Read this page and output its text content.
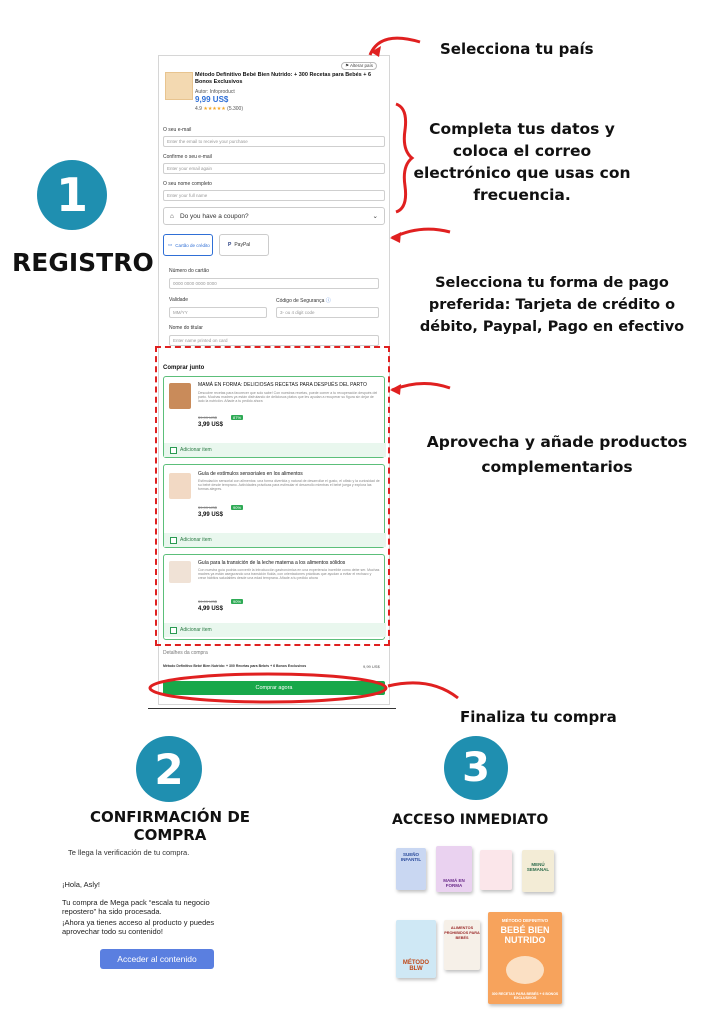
1
REGISTRO
⚑ Alterar país
Método Definitivo Bebé Bien Nutrido: + 300 Recetas para Bebés + 6 Bonos Exclusivos
Autor: Infoproduct
9,99 US$
4.9 ★★★★★ (5.300)
O seu e-mail
Enter the email to receive your purchase
Confirme o seu e-mail
Enter your email again
O seu nome completo
Enter your full name
⌂ Do you have a coupon?	⌄
▭ Cartão de crédito	P PayPal
Número do cartão
0000 0000 0000 0000
Validade
MM/YY
Código de Segurança ⓘ
3- ou 4 digit code
Nome do titular
Enter name printed on card
Comprar junto
MAMÁ EN FORMA: DELICIOSAS RECETAS PARA DESPUÉS DEL PARTO
Descubre recetas para favorecer que solo sabe! Con nuestras recetas, puede comer a tu recuperación después del parto. Muchas madres ya están disfrutando de deliciosos platos que les ayudan a recuperar su figura sin dejar de lado la nutrición. Añade a tu pedido ahora
39,99 US$	87%
3,99 US$
Adicionar item
Guía de estímulos sensoriales en los alimentos
Estimulación sensorial con alimentos: una forma divertida y natural de desarrollar el gusto, el olfato y la curiosidad de su bebé desde temprano. Actividades prácticas para estimular el desarrollo mientras el bebé juega y explora las formas alegres.
39,99 US$	90%
3,99 US$
Adicionar item
Guía para la transición de la leche materna a los alimentos sólidos
Con nuestra guía podrás convertir la introducción gastronómica en una experiencia increíble como debe ser. Muchas madres ya están asegurando una transición fluida, con orientaciones prácticas que ayudan a evitar el rechazo y crear hábitos saludables desde una edad temprana. Añade a tu pedido ahora
39,99 US$	90%
4,99 US$
Adicionar item
Detalhes da compra
Método Definitivo Bebé Bien Nutrido: + 300 Recetas para Bebés + 6 Bonos Exclusivos	9,99 US$
Comprar agora
Selecciona tu país
Completa tus datos y coloca el correo electrónico que usas con frecuencia.
Selecciona tu forma de pago preferida: Tarjeta de crédito o débito, Paypal, Pago en efectivo
Aprovecha y añade productos complementarios
Finaliza tu compra
2
CONFIRMACIÓN DE
COMPRA
Te llega la verificación de tu compra.
¡Hola, Asly!
Tu compra de Mega pack “escala tu negocio repostero” ha sido procesada.
¡Ahora ya tienes acceso al producto y puedes aprovechar todo su contenido!
Acceder al contenido
3
ACCESO INMEDIATO
SUEÑO INFANTIL
MAMÁ EN FORMA
MENÚ SEMANAL
MÉTODO BLW
ALIMENTOS PROHIBIDOS PARA BEBÉS
MÉTODO DEFINITIVO
BEBÉ BIEN NUTRIDO
300 RECETAS PARA BEBÉS + 6 BONOS EXCLUSIVOS
